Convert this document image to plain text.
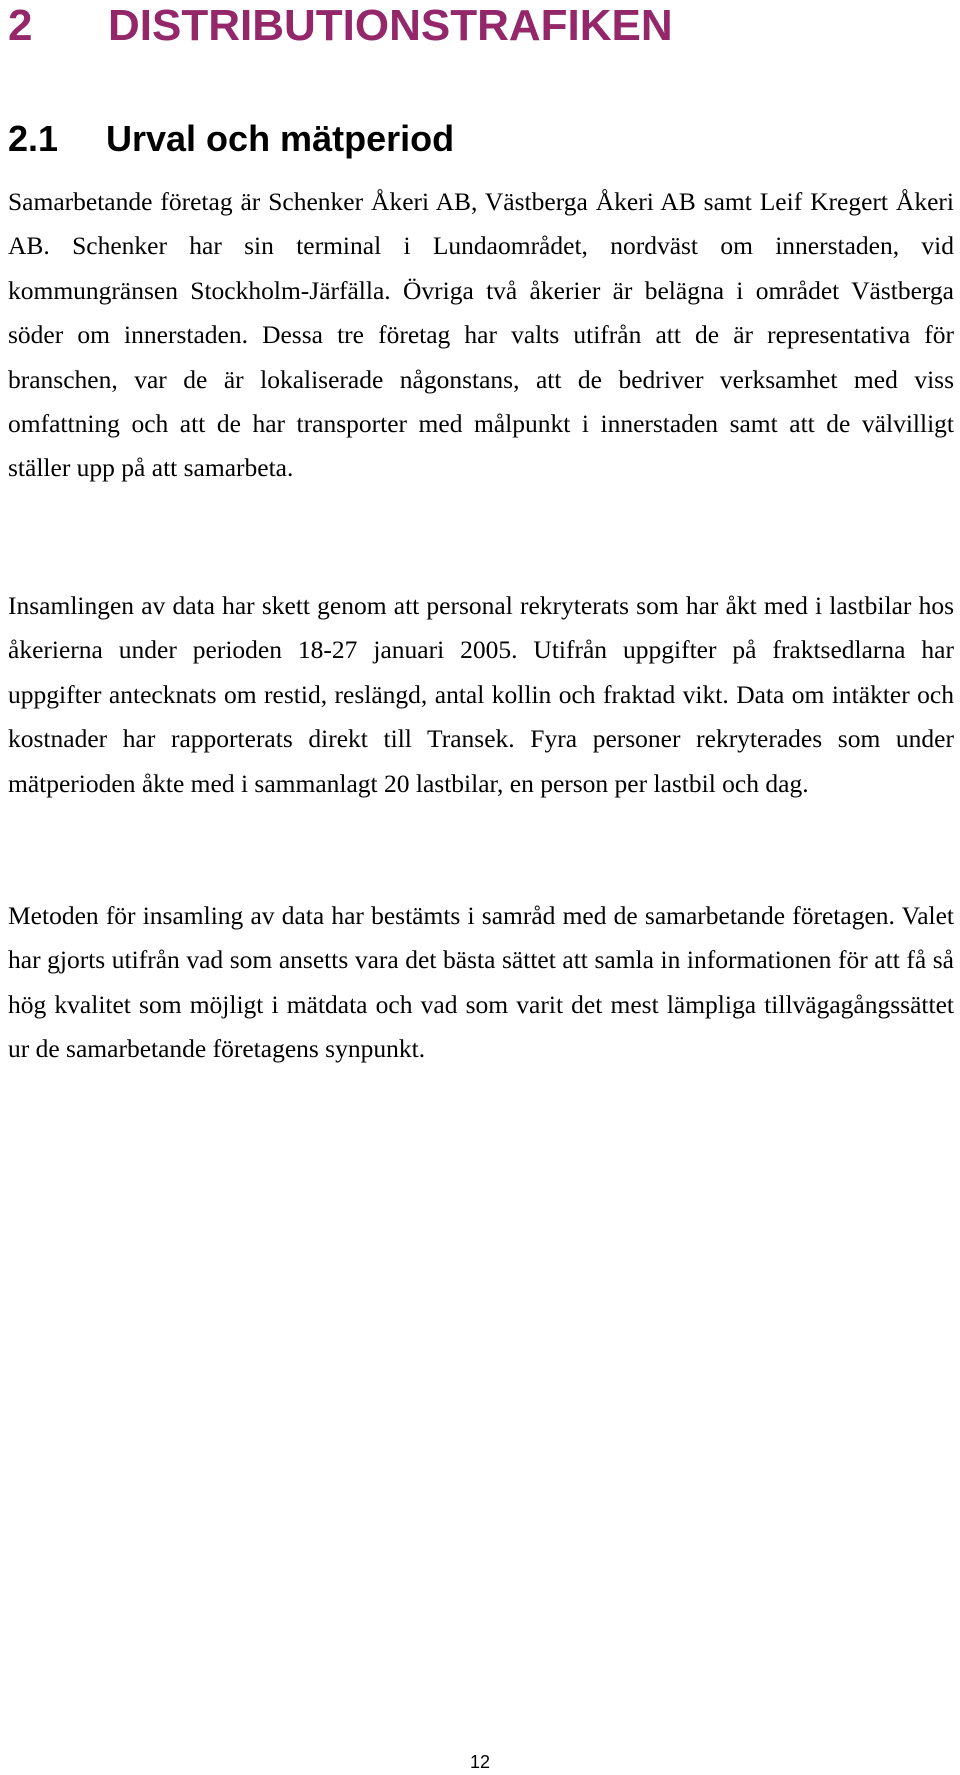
2 DISTRIBUTIONSTRAFIKEN
2.1 Urval och mätperiod

Samarbetande företag är Schenker Åkeri AB, Västberga Åkeri AB samt Leif Kregert Åkeri AB. Schenker har sin terminal i Lundaområdet, nordväst om innerstaden, vid kommungränsen Stockholm-Järfälla. Övriga två åkerier är belägna i området Västberga söder om innerstaden. Dessa tre företag har valts utifrån att de är representativa för branschen, var de är lokaliserade någonstans, att de bedriver verksamhet med viss omfattning och att de har transporter med målpunkt i innerstaden samt att de välvilligt ställer upp på att samarbeta.

Insamlingen av data har skett genom att personal rekryterats som har åkt med i lastbilar hos åkerierna under perioden 18-27 januari 2005. Utifrån uppgifter på fraktsedlarna har uppgifter antecknats om restid, reslängd, antal kollin och fraktad vikt. Data om intäkter och kostnader har rapporterats direkt till Transek. Fyra personer rekryterades som under mätperioden åkte med i sammanlagt 20 lastbilar, en person per lastbil och dag.

Metoden för insamling av data har bestämts i samråd med de samarbetande företagen. Valet har gjorts utifrån vad som ansetts vara det bästa sättet att samla in informationen för att få så hög kvalitet som möjligt i mätdata och vad som varit det mest lämpliga tillvägagångssättet ur de samarbetande företagens synpunkt.

12
